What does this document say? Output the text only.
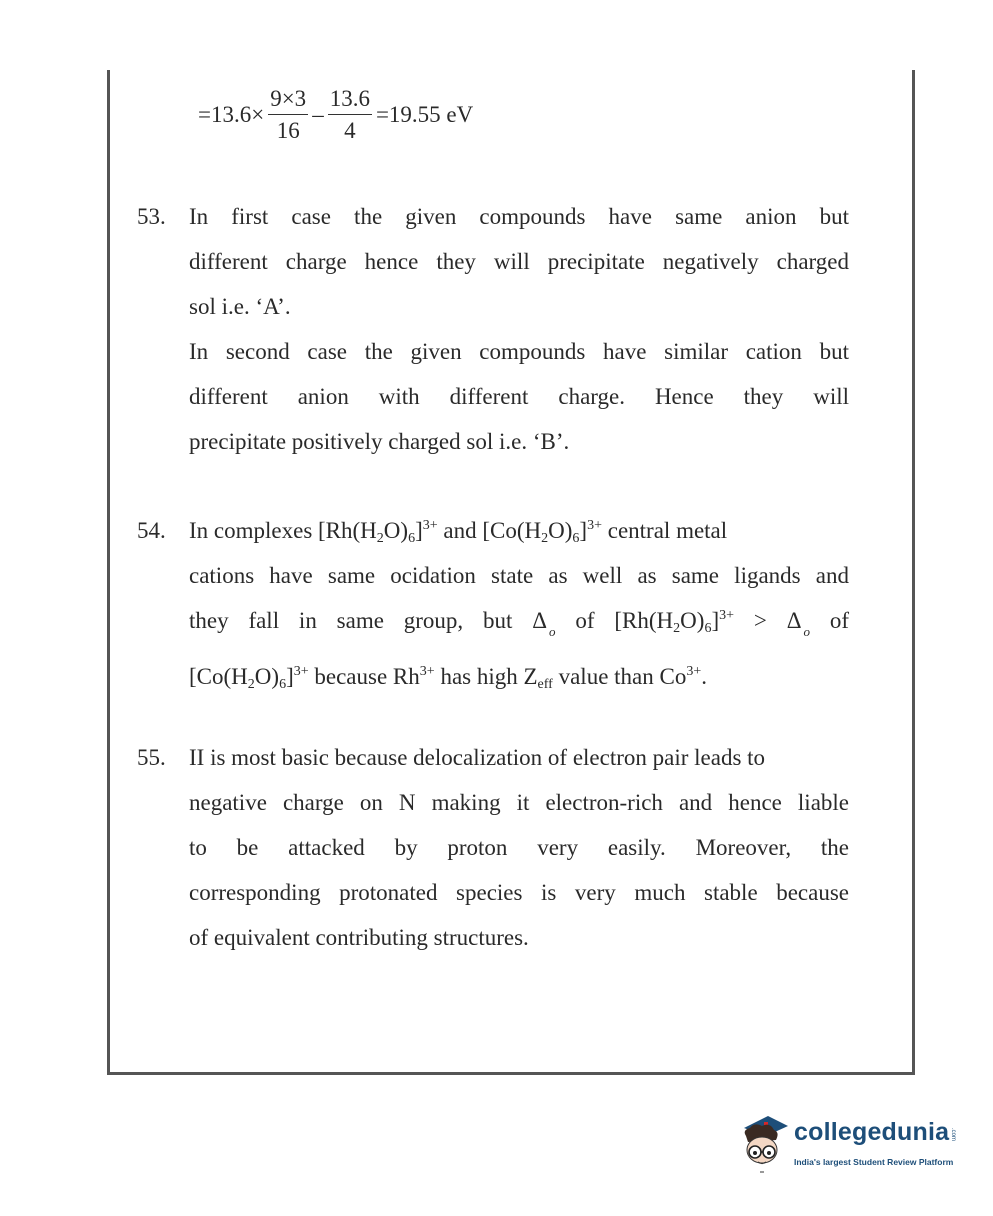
$=13.6\times \frac{9\times 3}{16} - \frac{13.6}{4} =19.55$ eV
53. In first case the given compounds have same anion but
different charge hence they will precipitate negatively charged
sol i.e. ‘A’.
In second case the given compounds have similar cation but
different anion with different charge. Hence they will
precipitate positively charged sol i.e. ‘B’.
54. In complexes $[Rh(H_2O)_6]^{3+}$ and $[Co(H_2O)_6]^{3+}$ central metal
cations have same ocidation state as well as same ligands and
they fall in same group, but Δ $_o$ of $[Rh(H_2O)_6]^{3+} > \Delta$ $_o$ of
$[Co(H_2O)_6]^{3+}$ because $Rh^{3+}$ has high $Z_{eff}$ value than $Co^{3+}$.
55. II is most basic because delocalization of electron pair leads to
negative charge on N making it electron-rich and hence liable
to be attacked by proton very easily. Moreover, the
corresponding protonated species is very much stable because
of equivalent contributing structures.
collegedunia .com
India's largest Student Review Platform
